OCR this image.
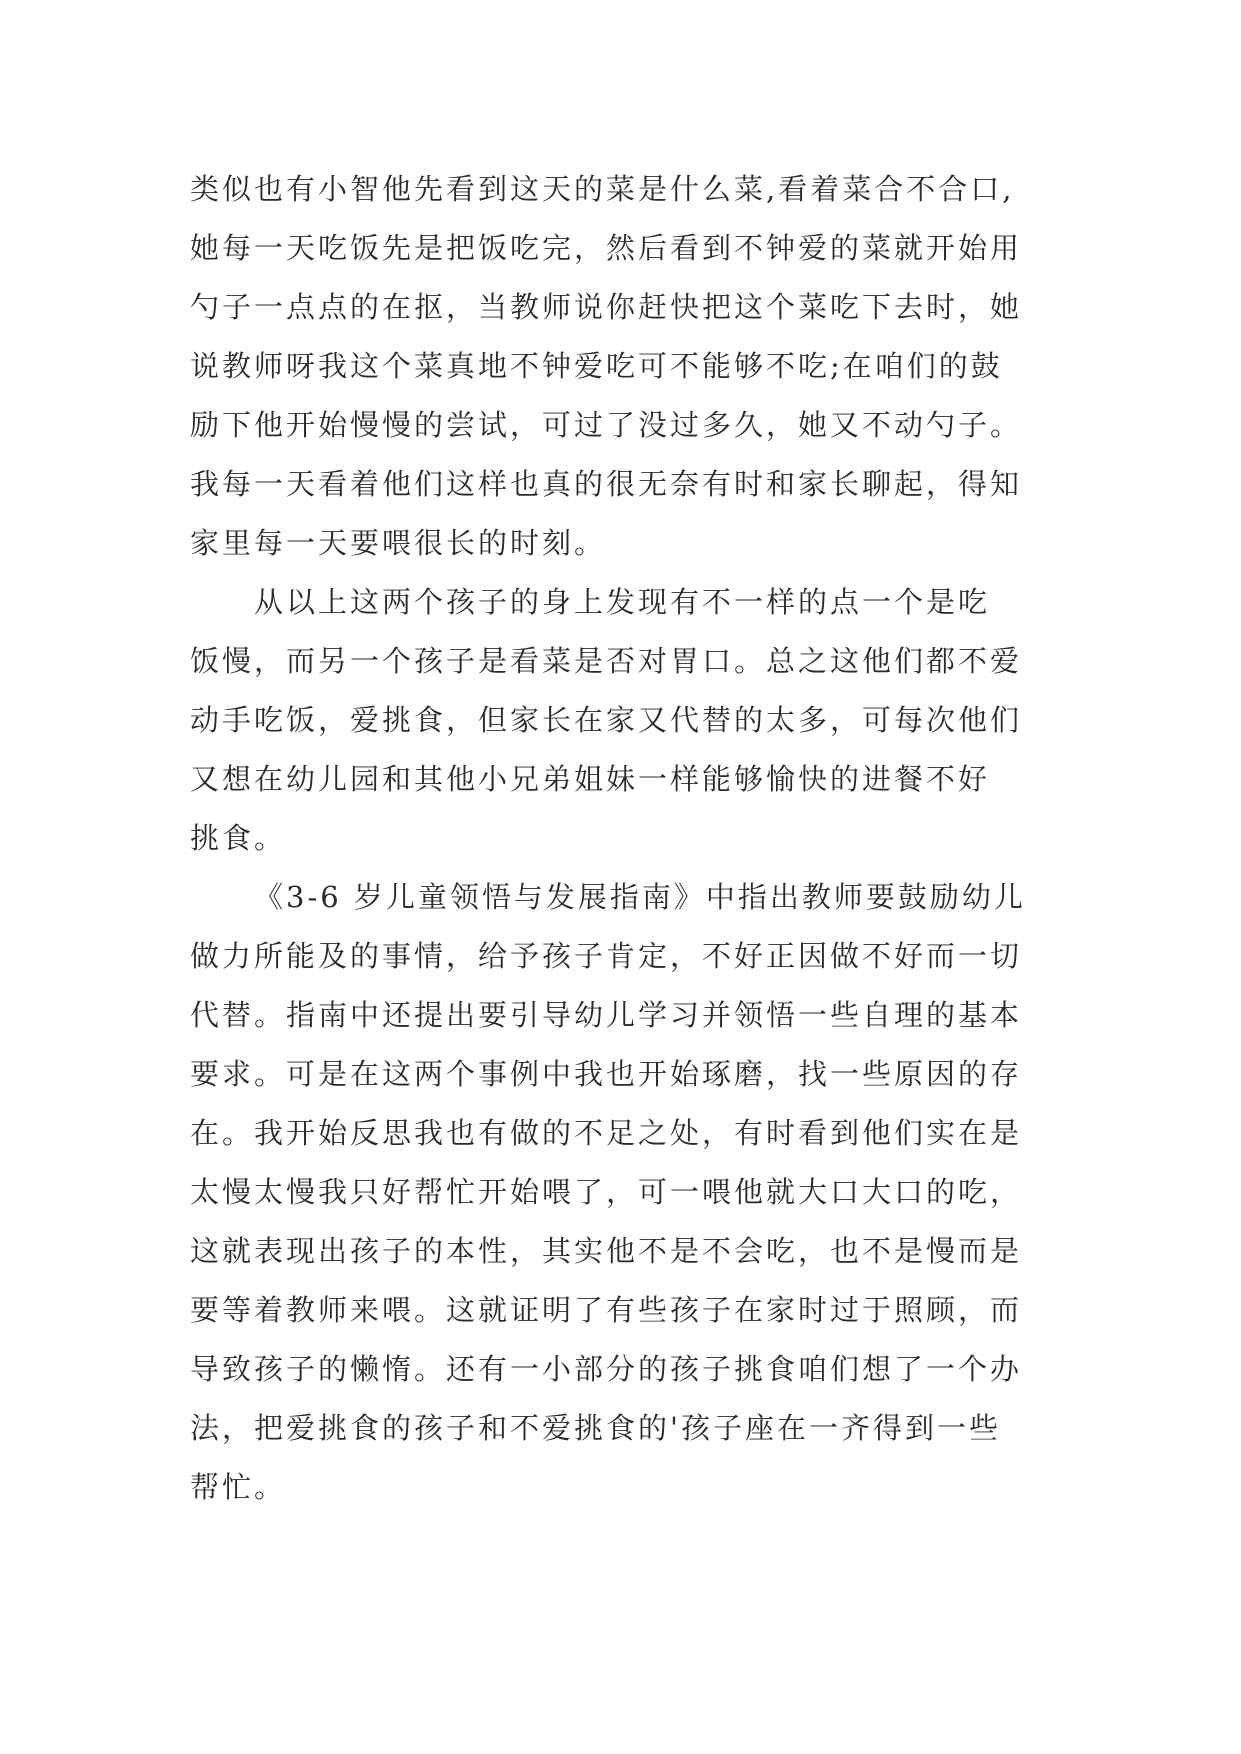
类似也有小智他先看到这天的菜是什么菜,看着菜合不合口,
她每一天吃饭先是把饭吃完，然后看到不钟爱的菜就开始用
勺子一点点的在抠，当教师说你赶快把这个菜吃下去时，她
说教师呀我这个菜真地不钟爱吃可不能够不吃;在咱们的鼓
励下他开始慢慢的尝试，可过了没过多久，她又不动勺子。
我每一天看着他们这样也真的很无奈有时和家长聊起，得知
家里每一天要喂很长的时刻。
从以上这两个孩子的身上发现有不一样的点一个是吃
饭慢，而另一个孩子是看菜是否对胃口。总之这他们都不爱
动手吃饭，爱挑食，但家长在家又代替的太多，可每次他们
又想在幼儿园和其他小兄弟姐妹一样能够愉快的进餐不好
挑食。
《3-6 岁儿童领悟与发展指南》中指出教师要鼓励幼儿
做力所能及的事情，给予孩子肯定，不好正因做不好而一切
代替。指南中还提出要引导幼儿学习并领悟一些自理的基本
要求。可是在这两个事例中我也开始琢磨，找一些原因的存
在。我开始反思我也有做的不足之处，有时看到他们实在是
太慢太慢我只好帮忙开始喂了，可一喂他就大口大口的吃，
这就表现出孩子的本性，其实他不是不会吃，也不是慢而是
要等着教师来喂。这就证明了有些孩子在家时过于照顾，而
导致孩子的懒惰。还有一小部分的孩子挑食咱们想了一个办
法，把爱挑食的孩子和不爱挑食的'孩子座在一齐得到一些
帮忙。
